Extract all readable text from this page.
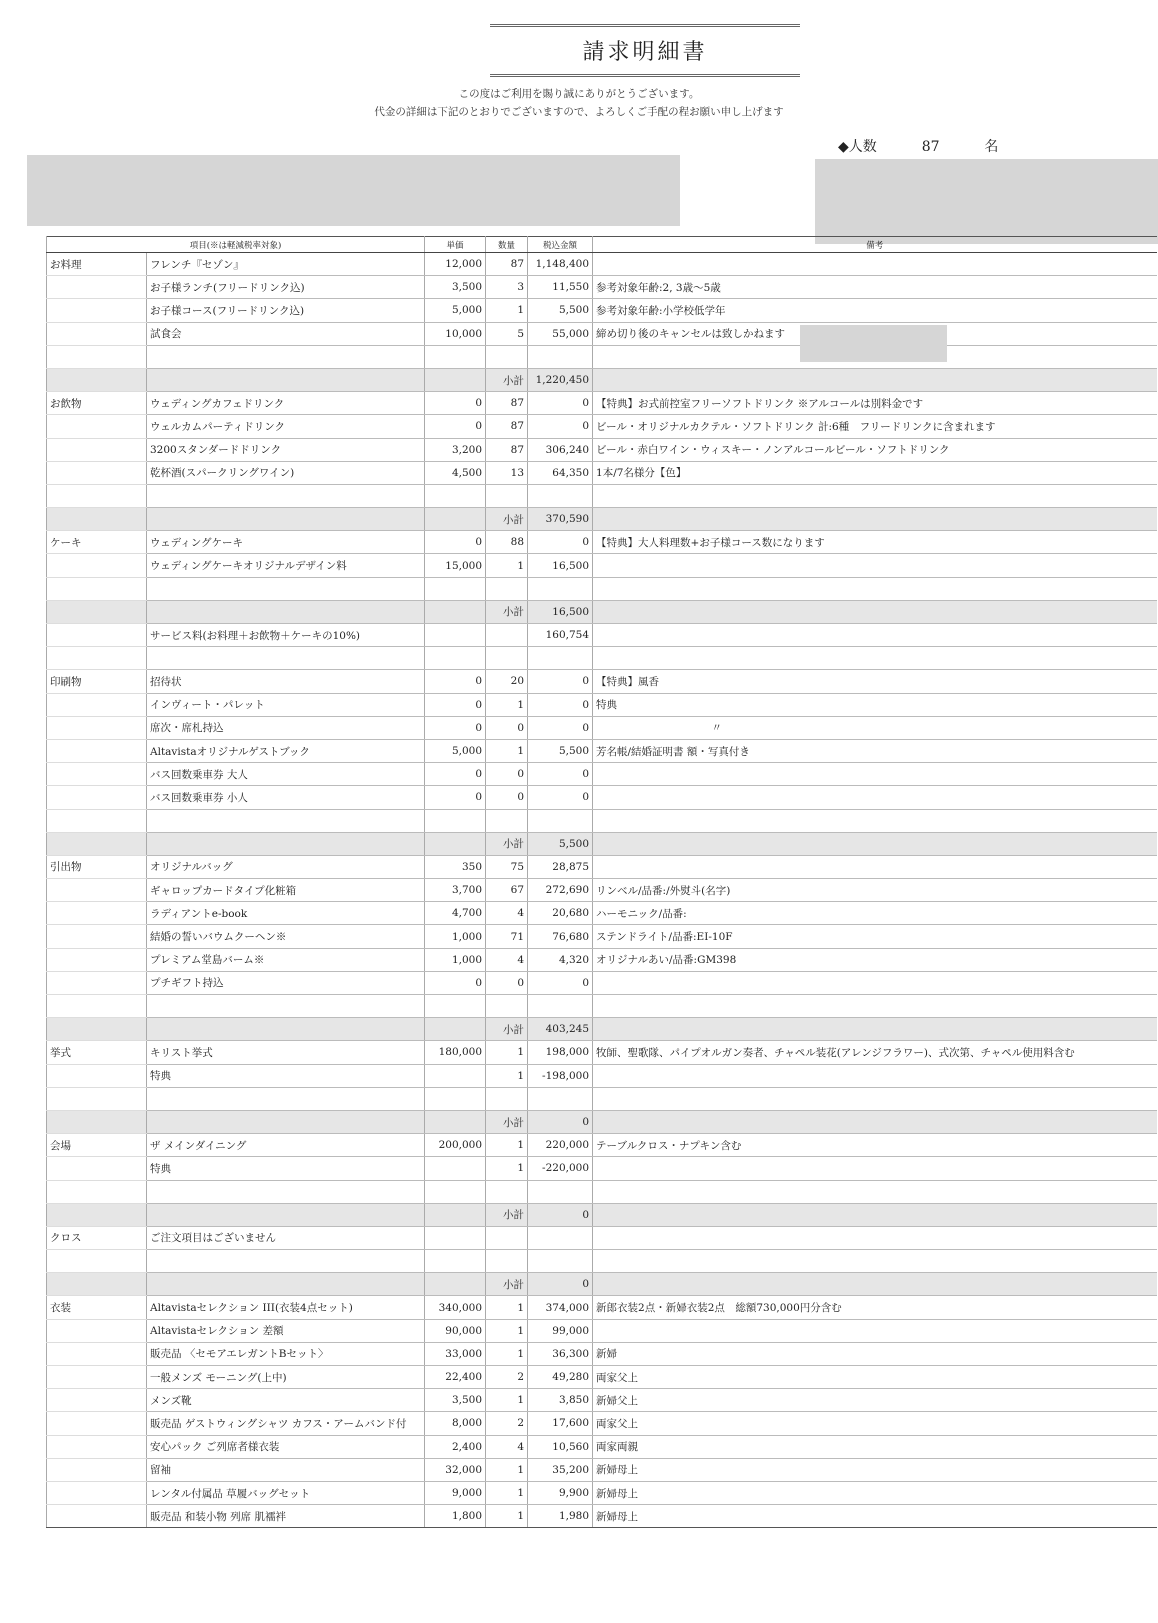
請求明細書
この度はご利用を賜り誠にありがとうございます。
代金の詳細は下記のとおりでございますので、よろしくご手配の程お願い申し上げます
◆人数	87	名
項目(※は軽減税率対象)		単価	数量	税込金額	備考
お料理	フレンチ『セゾン』	12,000	87	1,148,400	
	お子様ランチ(フリードリンク込)	3,500	3	11,550	参考対象年齢:2, 3歳～5歳
	お子様コース(フリードリンク込)	5,000	1	5,500	参考対象年齢:小学校低学年
	試食会	10,000	5	55,000	締め切り後のキャンセルは致しかねます

			小計	1,220,450	
お飲物	ウェディングカフェドリンク	0	87	0	【特典】お式前控室フリーソフトドリンク ※アルコールは別料金です
	ウェルカムパーティドリンク	0	87	0	ビール・オリジナルカクテル・ソフトドリンク 計:6種　フリードリンクに含まれます
	3200スタンダードドリンク	3,200	87	306,240	ビール・赤白ワイン・ウィスキー・ノンアルコールビール・ソフトドリンク
	乾杯酒(スパークリングワイン)	4,500	13	64,350	1本/7名様分【色】

			小計	370,590	
ケーキ	ウェディングケーキ	0	88	0	【特典】大人料理数+お子様コース数になります
	ウェディングケーキオリジナルデザイン料	15,000	1	16,500	

			小計	16,500	
	サービス料(お料理＋お飲物＋ケーキの10%)			160,754	

印刷物	招待状	0	20	0	【特典】風香
	インヴィート・パレット	0	1	0	特典
	席次・席札持込	0	0	0	　　　　　　　　　　　〃
	Altavistaオリジナルゲストブック	5,000	1	5,500	芳名帳/結婚証明書 額・写真付き
	バス回数乗車券 大人	0	0	0	
	バス回数乗車券 小人	0	0	0	

			小計	5,500	
引出物	オリジナルバッグ	350	75	28,875	
	ギャロップカードタイプ化粧箱	3,700	67	272,690	リンベル/品番:/外熨斗(名字)
	ラディアントe-book	4,700	4	20,680	ハーモニック/品番:
	結婚の誓いバウムクーヘン※	1,000	71	76,680	ステンドライト/品番:EI-10F
	プレミアム堂島バーム※	1,000	4	4,320	オリジナルあい/品番:GM398
	プチギフト持込	0	0	0	

			小計	403,245	
挙式	キリスト挙式	180,000	1	198,000	牧師、聖歌隊、パイプオルガン奏者、チャペル装花(アレンジフラワー)、式次第、チャペル使用料含む
	特典		1	-198,000	

			小計	0	
会場	ザ メインダイニング	200,000	1	220,000	テーブルクロス・ナプキン含む
	特典		1	-220,000	

			小計	0	
クロス	ご注文項目はございません				

			小計	0	
衣装	Altavistaセレクション III(衣装4点セット)	340,000	1	374,000	新郎衣装2点・新婦衣装2点　総額730,000円分含む
	Altavistaセレクション 差額	90,000	1	99,000	
	販売品 〈セモアエレガントBセット〉	33,000	1	36,300	新婦
	一般メンズ モーニング(上中)	22,400	2	49,280	両家父上
	メンズ靴	3,500	1	3,850	新婦父上
	販売品 ゲストウィングシャツ カフス・アームバンド付	8,000	2	17,600	両家父上
	安心パック ご列席者様衣装	2,400	4	10,560	両家両親
	留袖	32,000	1	35,200	新婦母上
	レンタル付属品 草履バッグセット	9,000	1	9,900	新婦母上
	販売品 和装小物 列席 肌襦袢	1,800	1	1,980	新婦母上
